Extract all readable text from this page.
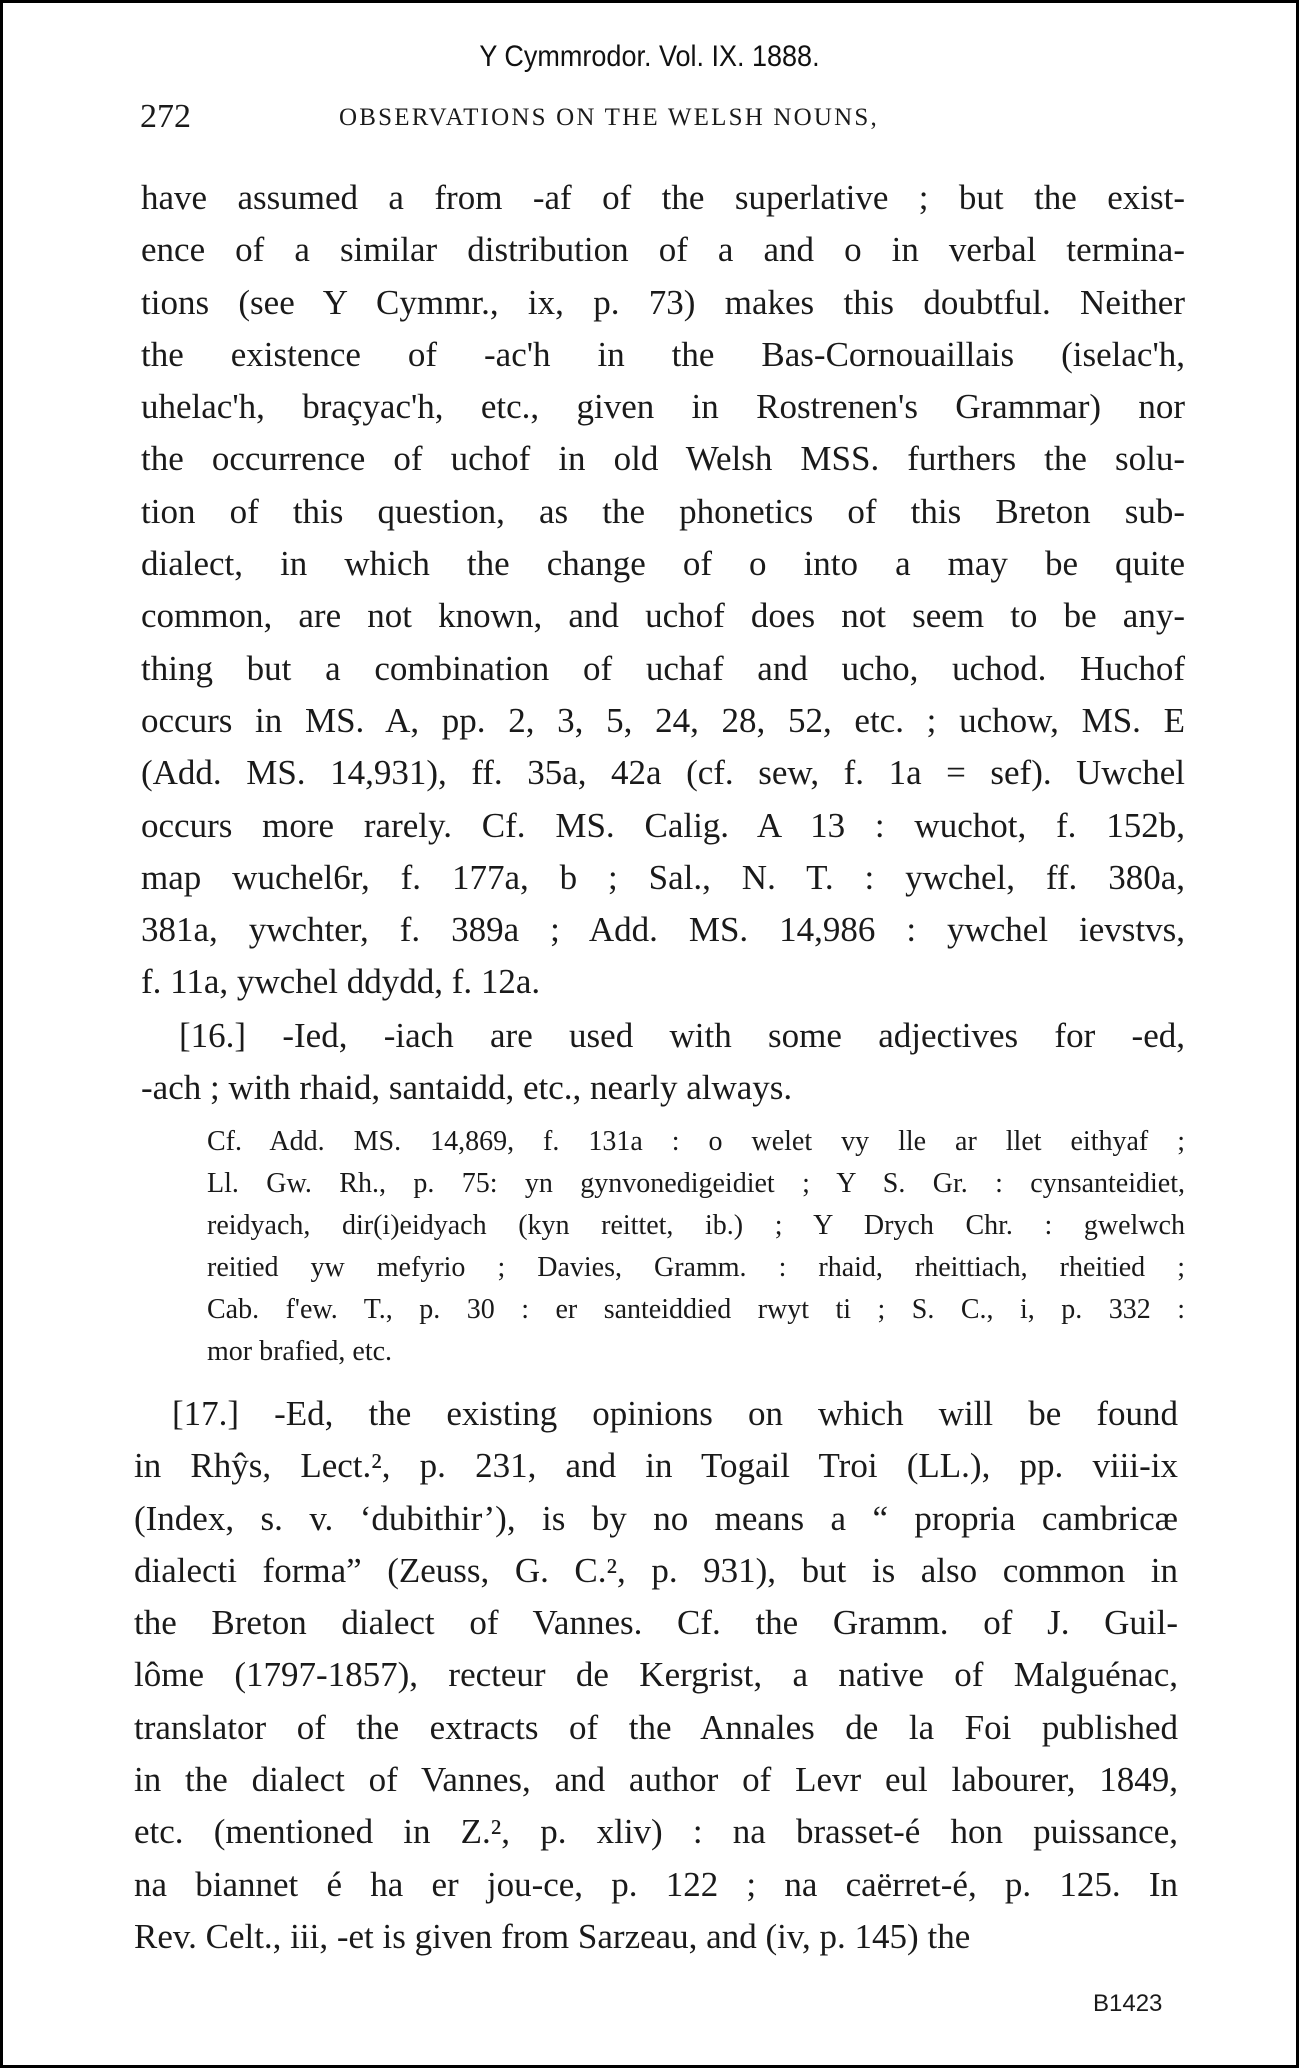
Y Cymmrodor. Vol. IX. 1888.
272	OBSERVATIONS ON THE WELSH NOUNS,
have assumed a from -af of the superlative ; but the exist-
ence of a similar distribution of a and o in verbal termina-
tions (see Y Cymmr., ix, p. 73) makes this doubtful. Neither
the existence of -ac'h in the Bas-Cornouaillais (iselac'h,
uhelac'h, braçyac'h, etc., given in Rostrenen's Grammar) nor
the occurrence of uchof in old Welsh MSS. furthers the solu-
tion of this question, as the phonetics of this Breton sub-
dialect, in which the change of o into a may be quite
common, are not known, and uchof does not seem to be any-
thing but a combination of uchaf and ucho, uchod. Huchof
occurs in MS. A, pp. 2, 3, 5, 24, 28, 52, etc. ; uchow, MS. E
(Add. MS. 14,931), ff. 35a, 42a (cf. sew, f. 1a = sef). Uwchel
occurs more rarely. Cf. MS. Calig. A 13 : wuchot, f. 152b,
map wuchel6r, f. 177a, b ; Sal., N. T. : ywchel, ff. 380a,
381a, ywchter, f. 389a ; Add. MS. 14,986 : ywchel ievstvs,
f. 11a, ywchel ddydd, f. 12a.
[16.] -Ied, -iach are used with some adjectives for -ed,
-ach ; with rhaid, santaidd, etc., nearly always.
Cf. Add. MS. 14,869, f. 131a : o welet vy lle ar llet eithyaf ;
Ll. Gw. Rh., p. 75: yn gynvonedigeidiet ; Y S. Gr. : cynsanteidiet,
reidyach, dir(i)eidyach (kyn reittet, ib.) ; Y Drych Chr. : gwelwch
reitied yw mefyrio ; Davies, Gramm. : rhaid, rheittiach, rheitied ;
Cab. f'ew. T., p. 30 : er santeiddied rwyt ti ; S. C., i, p. 332 :
mor brafied, etc.
[17.] -Ed, the existing opinions on which will be found
in Rhŷs, Lect.², p. 231, and in Togail Troi (LL.), pp. viii-ix
(Index, s. v. ‘dubithir’), is by no means a “ propria cambricæ
dialecti forma” (Zeuss, G. C.², p. 931), but is also common in
the Breton dialect of Vannes. Cf. the Gramm. of J. Guil-
lôme (1797-1857), recteur de Kergrist, a native of Malguénac,
translator of the extracts of the Annales de la Foi published
in the dialect of Vannes, and author of Levr eul labourer, 1849,
etc. (mentioned in Z.², p. xliv) : na brasset-é hon puissance,
na biannet é ha er jou-ce, p. 122 ; na caërret-é, p. 125. In
Rev. Celt., iii, -et is given from Sarzeau, and (iv, p. 145) the
B1423
